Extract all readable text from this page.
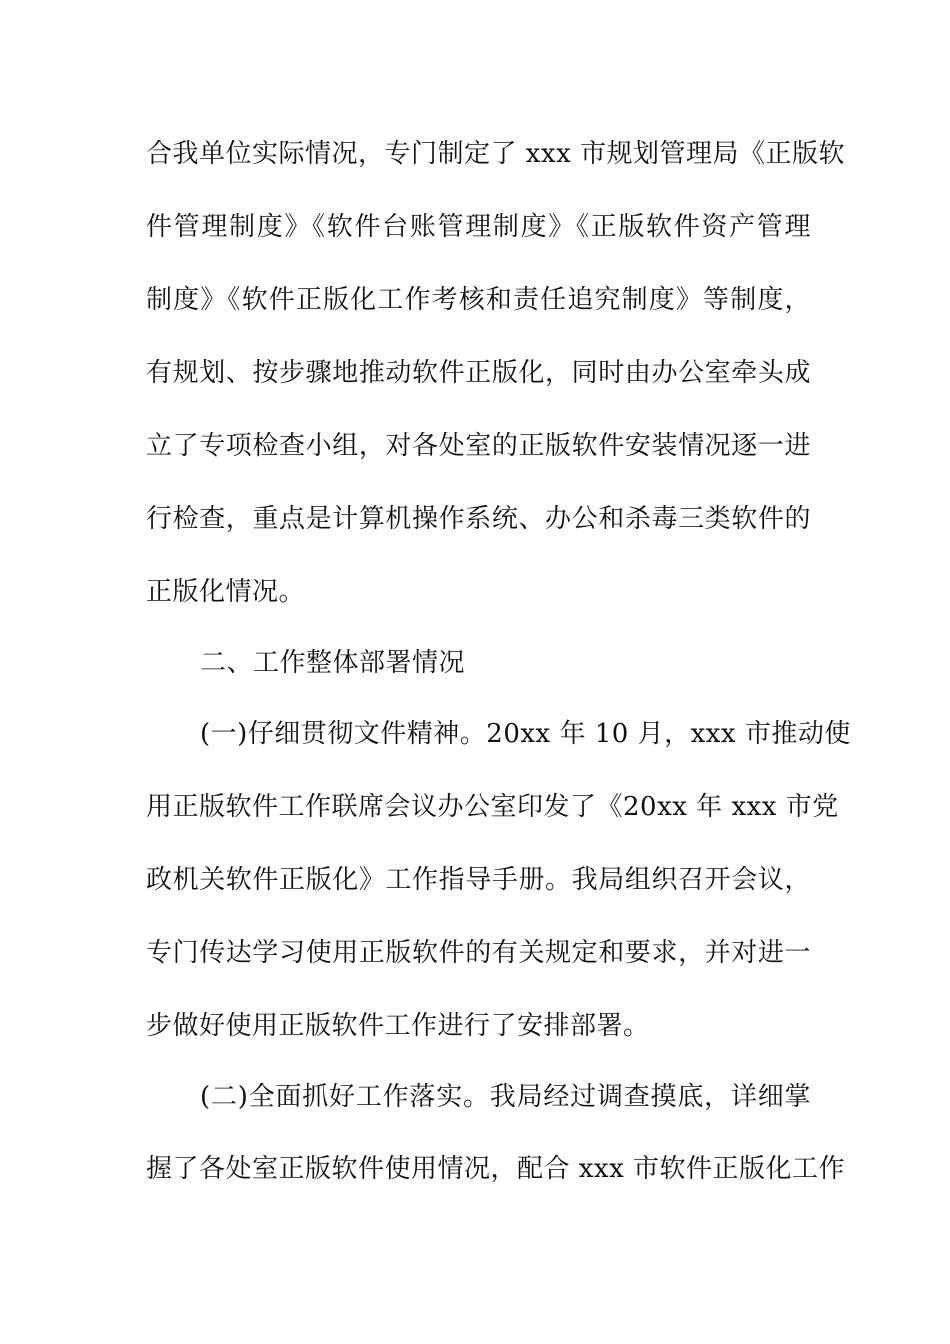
合我单位实际情况，专门制定了 xxx 市规划管理局《正版软
件管理制度》《软件台账管理制度》《正版软件资产管理
制度》《软件正版化工作考核和责任追究制度》等制度，
有规划、按步骤地推动软件正版化，同时由办公室牵头成
立了专项检查小组，对各处室的正版软件安装情况逐一进
行检查，重点是计算机操作系统、办公和杀毒三类软件的
正版化情况。
二、工作整体部署情况
(一)仔细贯彻文件精神。20xx 年 10 月，xxx 市推动使
用正版软件工作联席会议办公室印发了《20xx 年 xxx 市党
政机关软件正版化》工作指导手册。我局组织召开会议，
专门传达学习使用正版软件的有关规定和要求，并对进一
步做好使用正版软件工作进行了安排部署。
(二)全面抓好工作落实。我局经过调查摸底，详细掌
握了各处室正版软件使用情况，配合 xxx 市软件正版化工作
